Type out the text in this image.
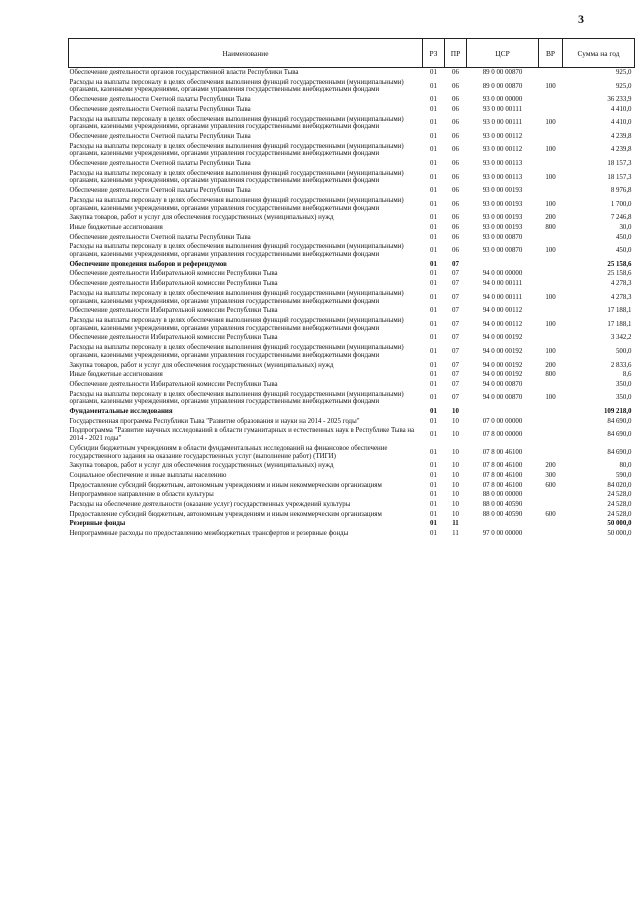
3
Наименование	РЗ	ПР	ЦСР	ВР	Сумма на год
Обеспечение деятельности органов государственной власти Республики Тыва	01	06	89 0 00 00870		925,0
Расходы на выплаты персоналу в целях обеспечения выполнения функций государственными (муниципальными) органами, казенными учреждениями, органами управления государственными внебюджетными фондами	01	06	89 0 00 00870	100	925,0
Обеспечение деятельности Счетной палаты Республики Тыва	01	06	93 0 00 00000		36 233,9
Обеспечение деятельности Счетной палаты Республики Тыва	01	06	93 0 00 00111		4 410,0
Расходы на выплаты персоналу в целях обеспечения выполнения функций государственными (муниципальными) органами, казенными учреждениями, органами управления государственными внебюджетными фондами	01	06	93 0 00 00111	100	4 410,0
Обеспечение деятельности Счетной палаты Республики Тыва	01	06	93 0 00 00112		4 239,8
Расходы на выплаты персоналу в целях обеспечения выполнения функций государственными (муниципальными) органами, казенными учреждениями, органами управления государственными внебюджетными фондами	01	06	93 0 00 00112	100	4 239,8
Обеспечение деятельности Счетной палаты Республики Тыва	01	06	93 0 00 00113		18 157,3
Расходы на выплаты персоналу в целях обеспечения выполнения функций государственными (муниципальными) органами, казенными учреждениями, органами управления государственными внебюджетными фондами	01	06	93 0 00 00113	100	18 157,3
Обеспечение деятельности Счетной палаты Республики Тыва	01	06	93 0 00 00193		8 976,8
Расходы на выплаты персоналу в целях обеспечения выполнения функций государственными (муниципальными) органами, казенными учреждениями, органами управления государственными внебюджетными фондами	01	06	93 0 00 00193	100	1 700,0
Закупка товаров, работ и услуг для обеспечения государственных (муниципальных) нужд	01	06	93 0 00 00193	200	7 246,8
Иные бюджетные ассигнования	01	06	93 0 00 00193	800	30,0
Обеспечение деятельности Счетной палаты Республики Тыва	01	06	93 0 00 00870		450,0
Расходы на выплаты персоналу в целях обеспечения выполнения функций государственными (муниципальными) органами, казенными учреждениями, органами управления государственными внебюджетными фондами	01	06	93 0 00 00870	100	450,0
Обеспечение проведения выборов и референдумов	01	07			25 158,6
Обеспечение деятельности Избирательной комиссии Республики Тыва	01	07	94 0 00 00000		25 158,6
Обеспечение деятельности Избирательной комиссии Республики Тыва	01	07	94 0 00 00111		4 278,3
Расходы на выплаты персоналу в целях обеспечения выполнения функций государственными (муниципальными) органами, казенными учреждениями, органами управления государственными внебюджетными фондами	01	07	94 0 00 00111	100	4 278,3
Обеспечение деятельности Избирательной комиссии Республики Тыва	01	07	94 0 00 00112		17 188,1
Расходы на выплаты персоналу в целях обеспечения выполнения функций государственными (муниципальными) органами, казенными учреждениями, органами управления государственными внебюджетными фондами	01	07	94 0 00 00112	100	17 188,1
Обеспечение деятельности Избирательной комиссии Республики Тыва	01	07	94 0 00 00192		3 342,2
Расходы на выплаты персоналу в целях обеспечения выполнения функций государственными (муниципальными) органами, казенными учреждениями, органами управления государственными внебюджетными фондами	01	07	94 0 00 00192	100	500,0
Закупка товаров, работ и услуг для обеспечения государственных (муниципальных) нужд	01	07	94 0 00 00192	200	2 833,6
Иные бюджетные ассигнования	01	07	94 0 00 00192	800	8,6
Обеспечение деятельности Избирательной комиссии Республики Тыва	01	07	94 0 00 00870		350,0
Расходы на выплаты персоналу в целях обеспечения выполнения функций государственными (муниципальными) органами, казенными учреждениями, органами управления государственными внебюджетными фондами	01	07	94 0 00 00870	100	350,0
Фундаментальные исследования	01	10			109 218,0
Государственная программа Республики Тыва "Развитие образования и науки на 2014 - 2025 годы"	01	10	07 0 00 00000		84 690,0
Подпрограмма "Развитие научных исследований в области гуманитарных и естественных наук в Республике Тыва на 2014 - 2021 годы"	01	10	07 8 00 00000		84 690,0
Субсидии бюджетным учреждениям в области фундаментальных исследований на финансовое обеспечение государственного задания на оказание государственных услуг (выполнение работ) (ТИГИ)	01	10	07 8 00 46100		84 690,0
Закупка товаров, работ и услуг для обеспечения государственных (муниципальных) нужд	01	10	07 8 00 46100	200	80,0
Социальное обеспечение и иные выплаты населению	01	10	07 8 00 46100	300	590,0
Предоставление субсидий бюджетным, автономным учреждениям и иным некоммерческим организациям	01	10	07 8 00 46100	600	84 020,0
Непрограммное направление в области культуры	01	10	88 0 00 00000		24 528,0
Расходы на обеспечение деятельности (оказание услуг) государственных учреждений культуры	01	10	88 0 00 40590		24 528,0
Предоставление субсидий бюджетным, автономным учреждениям и иным некоммерческим организациям	01	10	88 0 00 40590	600	24 528,0
Резервные фонды	01	11			50 000,0
Непрограммные расходы по предоставлению межбюджетных трансфертов и резервные фонды	01	11	97 0 00 00000		50 000,0
